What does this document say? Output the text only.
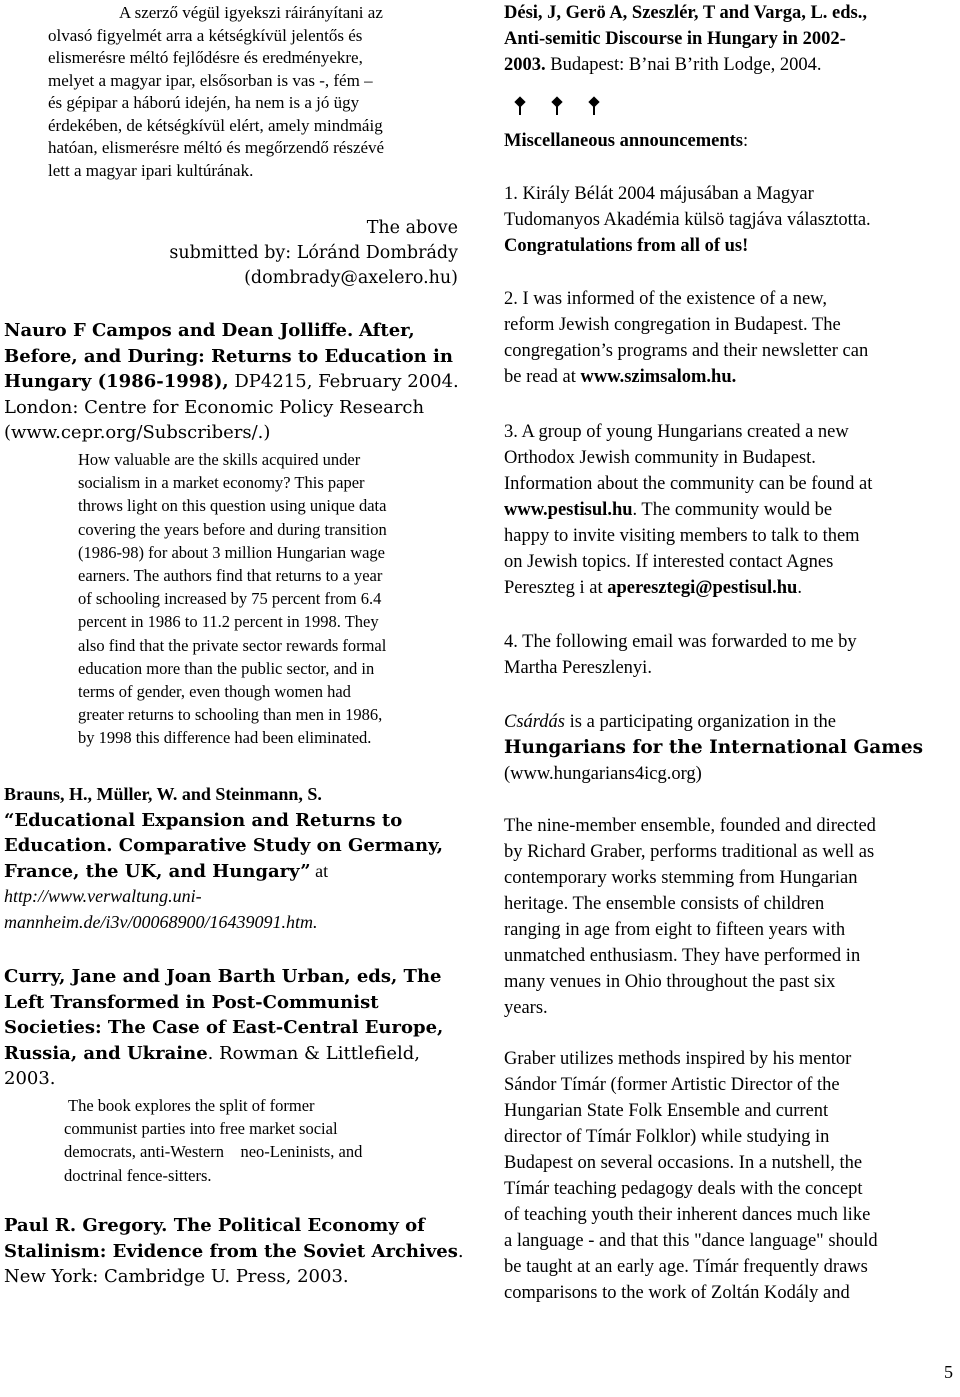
A szerző végül igyekszi ráirányítani az

olvasó figyelmét arra a kétségkívül jelentős és

elismerésre méltó fejlődésre és eredményekre,

melyet a magyar ipar, elsősorban is vas -, fém –

és gépipar a háború idején, ha nem is a jó ügy

érdekében, de kétségkívül elért, amely mindmáig

hatóan, elismerésre méltó és megőrzendő részévé

lett a magyar ipari kultúrának.

The above

submitted by: Lóránd Dombrády

(dombrady@axelero.hu)

Nauro F Campos and Dean Jolliffe. After,

Before, and During: Returns to Education in

Hungary (1986-1998), DP4215, February 2004.

London: Centre for Economic Policy Research

(www.cepr.org/Subscribers/.)

How valuable are the skills acquired under

socialism in a market economy? This paper

throws light on this question using unique data

covering the years before and during transition

(1986-98) for about 3 million Hungarian wage

earners. The authors find that returns to a year

of schooling increased by 75 percent from 6.4

percent in 1986 to 11.2 percent in 1998. They

also find that the private sector rewards formal

education more than the public sector, and in

terms of gender, even though women had

greater returns to schooling than men in 1986,

by 1998 this difference had been eliminated.

Brauns, H., Müller, W. and Steinmann, S.

“Educational Expansion and Returns to

Education. Comparative Study on Germany,

France, the UK, and Hungary” at

http://www.verwaltung.uni-

mannheim.de/i3v/00068900/16439091.htm.

Curry, Jane and Joan Barth Urban, eds, The

Left Transformed in Post-Communist

Societies: The Case of East-Central Europe,

Russia, and Ukraine. Rowman & Littlefield,

2003.

The book explores the split of former

communist parties into free market social

democrats, anti-Western    neo-Leninists, and

doctrinal fence-sitters.

Paul R. Gregory. The Political Economy of

Stalinism: Evidence from the Soviet Archives.

New York: Cambridge U. Press, 2003.

Dési, J, Gerö A, Szeszlér, T and Varga, L. eds.,

Anti-semitic Discourse in Hungary in 2002-

2003. Budapest: B’nai B’rith Lodge, 2004.

Miscellaneous announcements:

1. Király Bélát 2004 májusában a Magyar

Tudomanyos Akadémia külsö tagjáva választotta.

Congratulations from all of us!

2. I was informed of the existence of a new,

reform Jewish congregation in Budapest. The

congregation’s programs and their newsletter can

be read at www.szimsalom.hu.

3. A group of young Hungarians created a new

Orthodox Jewish community in Budapest.

Information about the community can be found at

www.pestisul.hu. The community would be

happy to invite visiting members to talk to them

on Jewish topics. If interested contact Agnes

Pereszteg i at aperesztegi@pestisul.hu.

4. The following email was forwarded to me by

Martha Pereszlenyi.

Csárdás is a participating organization in the

Hungarians for the International Games

(www.hungarians4icg.org)

The nine-member ensemble, founded and directed

by Richard Graber, performs traditional as well as

contemporary works stemming from Hungarian

heritage. The ensemble consists of children

ranging in age from eight to fifteen years with

unmatched enthusiasm. They have performed in

many venues in Ohio throughout the past six

years.

Graber utilizes methods inspired by his mentor

Sándor Tímár (former Artistic Director of the

Hungarian State Folk Ensemble and current

director of Tímár Folklor) while studying in

Budapest on several occasions. In a nutshell, the

Tímár teaching pedagogy deals with the concept

of teaching youth their inherent dances much like

a language - and that this "dance language" should

be taught at an early age. Tímár frequently draws

comparisons to the work of Zoltán Kodály and

5
